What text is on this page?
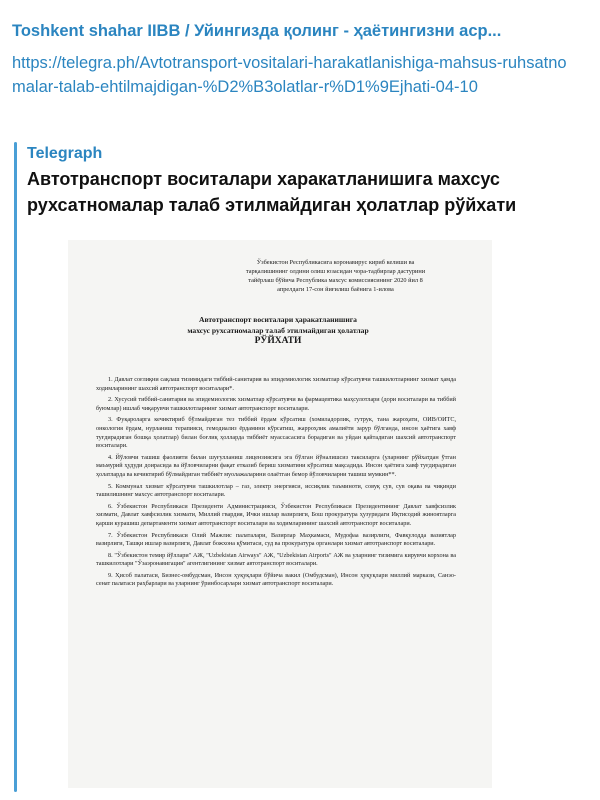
Toshkent shahar IIBB / Уйингизда қолинг - ҳаётингизни аср...
https://telegra.ph/Avtotransport-vositalari-harakatlanishiga-mahsus-ruhsatnomalar-talab-ehtilmajdigan-%D2%B3olatlar-r%D1%9Ejhati-04-10
Telegraph
Автотранспорт воситалари харакатланишига махсус рухсатномалар талаб этилмайдиган ҳолатлар рўйхати
Ўзбекистон Республикасига коронавирус кириб келиши ва тарқалишининг олдини олиш юзасидан чора-тадбирлар дастурини тайёрлаш бўйича Республика махсус комиссиясининг 2020 йил 8 апрелдаги 17-сон йиғилиш баёнига 1-илова
Автотранспорт воситалари ҳаракатланишига
махсус рухсатномалар талаб этилмайдиган ҳолатлар
РЎЙХАТИ

1. Давлат соғлиқни сақлаш тизимидаги тиббий-санитария ва эпидемиологик хизматлар кўрсатувчи ташкилотларнинг хизмат ҳамда ходимларининг шахсий автотранспорт воситалари*.

2. Хусусий тиббий-санитария ва эпидемиологик хизматлар кўрсатувчи ва фармацевтика маҳсулотлари (дори воситалари ва тиббий буюмлар) ишлаб чиқарувчи ташкилотларнинг хизмат автотранспорт воситалари.

3. Фуқароларга кечиктириб бўлмайдиган тез тиббий ёрдам кўрсатиш (хомиладорлик, гутрук, тана жароҳати, ОИВ/ОИТС, онкология ёрдам, нурланиш терапияси, гемодиализ ёрдамини кўрсатиш, жарроҳлик амалиёти зарур бўлганда, инсон ҳаётига хавф туғдирадиган бошқа ҳолатлар) билан боғлиқ ҳолларда тиббиёт муассасасига борадиган ва уйдан қайтадиган шахсий автотранспорт воситалари.

4. Йўловчи ташиш фаолияти билан шуғулланиш лицензиясига эга бўлган йўналишсиз таксиларга (уларнинг рўйхатдан ўтган маъмурий ҳудуди доирасида ва йўловчиларни фақат етказиб бериш хизматини кўрсатиш мақсадида. Инсон ҳаётига хавф туғдирадиган ҳолатларда ва кечиктириб бўлмайдиган тиббиёт муолажаларини олаётган бемор йўловчиларни ташиш мумкин**.

5. Коммунал хизмат кўрсатувчи ташкилотлар – газ, электр энергияси, иссиқлик таъминоти, совуқ сув, сув оқава ва чиқинди ташилишнинг махсус автотранспорт воситалари.

6. Ўзбекистон Республикаси Президенти Администрацияси, Ўзбекистон Республикаси Президентининг Давлат хавфсизлик хизмати, Давлат хавфсизлик хизмати, Миллий гвардия, Ички ишлар вазирлиги, Бош прокуратура ҳузуридаги Иқтисодий жиноятларга қарши курашиш департаменти хизмат автотранспорт воситалари ва ходимларининг шахсий автотранспорт воситалари.

7. Ўзбекистон Республикаси Олий Мажлис палаталари, Вазирлар Маҳкамаси, Мудофаа вазирлиги, Фавқулодда вазиятлар вазирлиги, Ташқи ишлар вазирлиги, Давлат божхона қўмитаси, суд ва прокуратура органлари хизмат автотранспорт воситалари.

8. "Ўзбекистон темир йўллари" АЖ, "Uzbekistan Airways" АЖ, "Uzbekistan Airports" АЖ ва уларнинг тизимига кирувчи корхона ва ташкилотлари "Ўзаэронавигация" агентлигининг хизмат автотранспорт воситалари.

9. Ҳисоб палатаси, Бизнес-омбудсман, Инсон ҳуқуқлари бўйича вакил (Омбудсман), Инсон ҳуқуқлари миллий маркази, Санэо-сенат палатаси раҳбарлари ва уларнинг ўринбосарлари хизмат автотранспорт воситалари.
